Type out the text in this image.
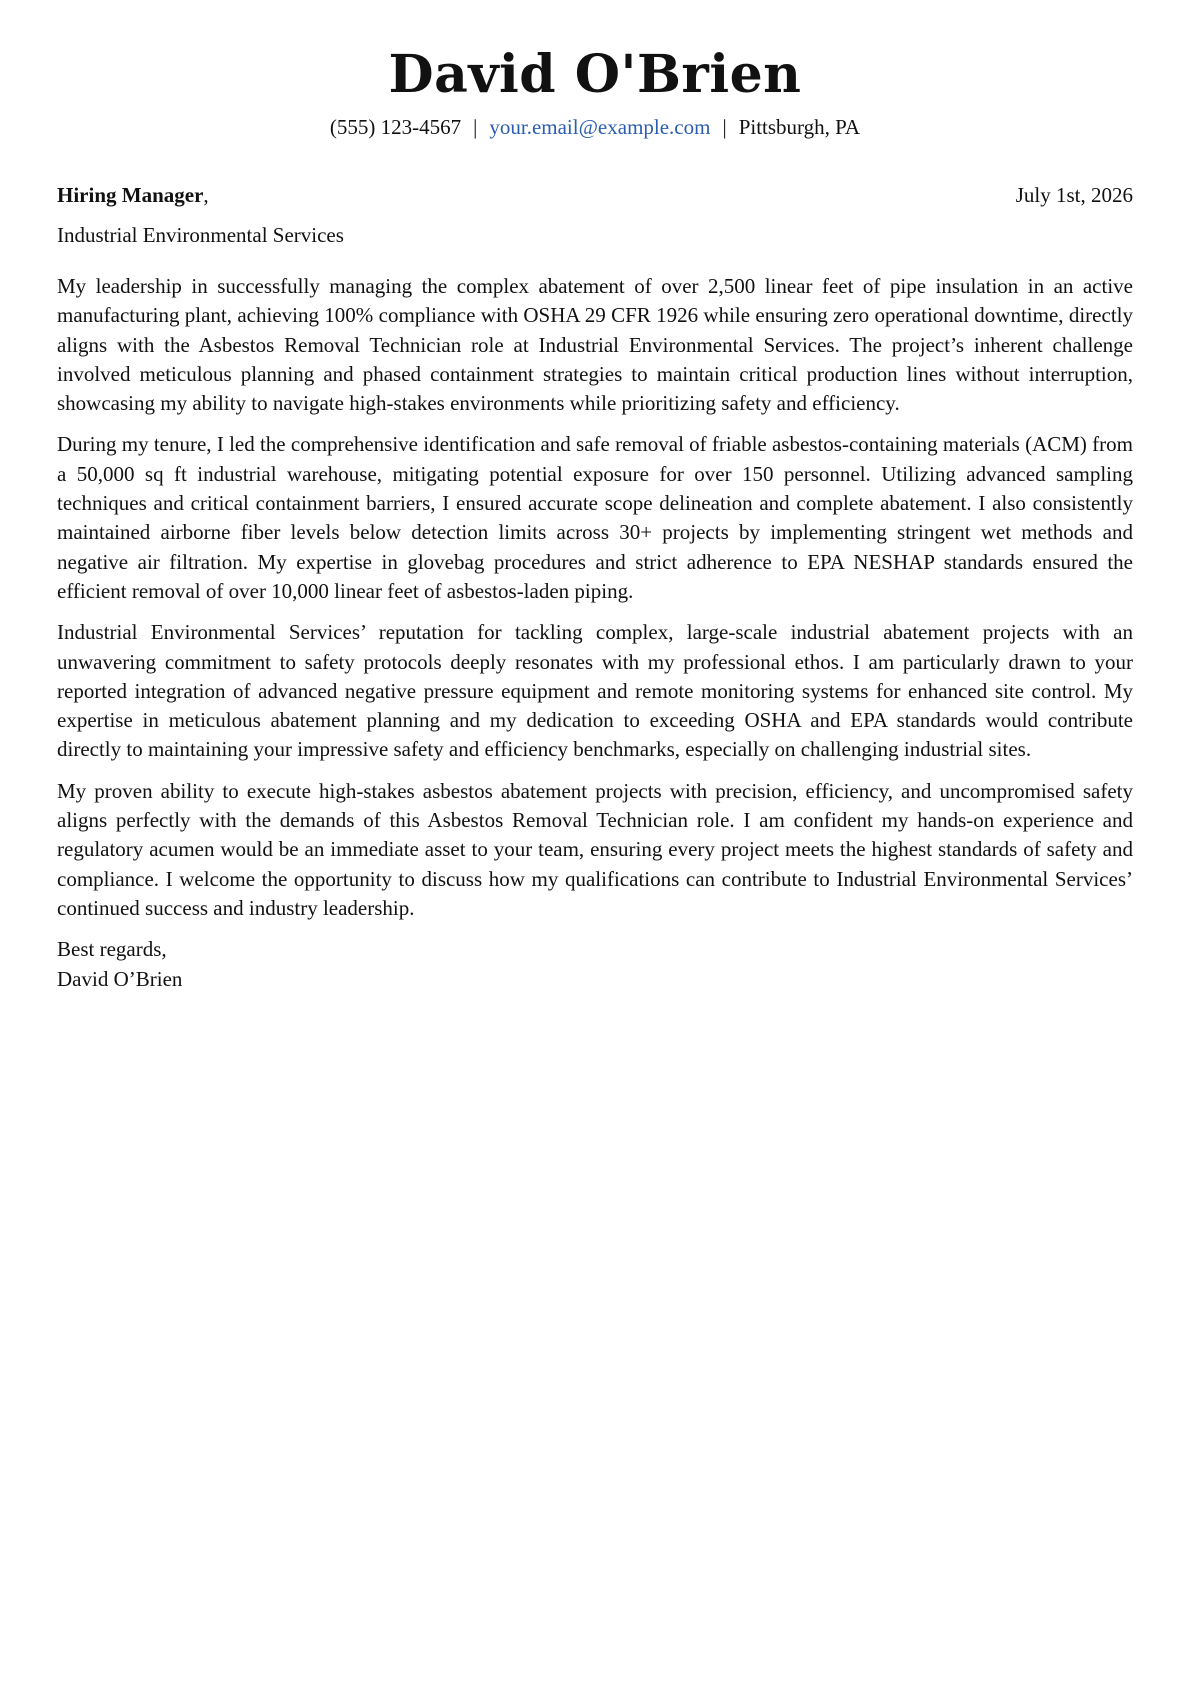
David O'Brien
(555) 123-4567 | your.email@example.com | Pittsburgh, PA
Hiring Manager,	July 1st, 2026
Industrial Environmental Services

My leadership in successfully managing the complex abatement of over 2,500 linear feet of pipe insulation in an active manufacturing plant, achieving 100% compliance with OSHA 29 CFR 1926 while ensuring zero operational downtime, directly aligns with the Asbestos Removal Technician role at Industrial Environmental Services. The project’s inherent challenge involved meticulous planning and phased containment strategies to maintain critical production lines without interruption, showcasing my ability to navigate high-stakes environments while prioritizing safety and efficiency.

During my tenure, I led the comprehensive identification and safe removal of friable asbestos-containing materials (ACM) from a 50,000 sq ft industrial warehouse, mitigating potential exposure for over 150 personnel. Utilizing advanced sampling techniques and critical containment barriers, I ensured accurate scope delineation and complete abatement. I also consistently maintained airborne fiber levels below detection limits across 30+ projects by implementing stringent wet methods and negative air filtration. My expertise in glovebag procedures and strict adherence to EPA NESHAP standards ensured the efficient removal of over 10,000 linear feet of asbestos-laden piping.

Industrial Environmental Services’ reputation for tackling complex, large-scale industrial abatement projects with an unwavering commitment to safety protocols deeply resonates with my professional ethos. I am particularly drawn to your reported integration of advanced negative pressure equipment and remote monitoring systems for enhanced site control. My expertise in meticulous abatement planning and my dedication to exceeding OSHA and EPA standards would contribute directly to maintaining your impressive safety and efficiency benchmarks, especially on challenging industrial sites.

My proven ability to execute high-stakes asbestos abatement projects with precision, efficiency, and uncompromised safety aligns perfectly with the demands of this Asbestos Removal Technician role. I am confident my hands-on experience and regulatory acumen would be an immediate asset to your team, ensuring every project meets the highest standards of safety and compliance. I welcome the opportunity to discuss how my qualifications can contribute to Industrial Environmental Services’ continued success and industry leadership.

Best regards,
David O’Brien
